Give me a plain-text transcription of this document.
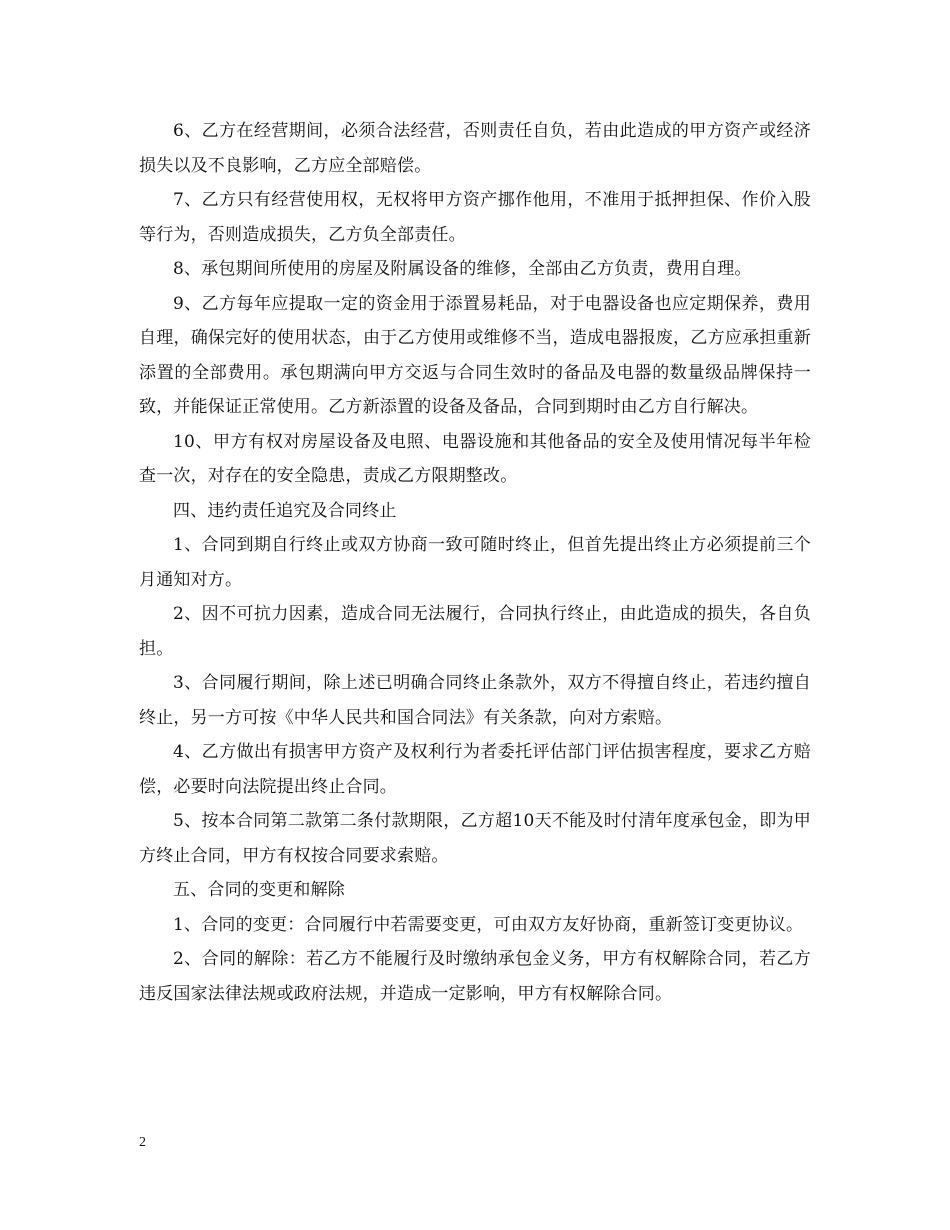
6、乙方在经营期间，必须合法经营，否则责任自负，若由此造成的甲方资产或经济损失以及不良影响，乙方应全部赔偿。

7、乙方只有经营使用权，无权将甲方资产挪作他用，不准用于抵押担保、作价入股等行为，否则造成损失，乙方负全部责任。

8、承包期间所使用的房屋及附属设备的维修，全部由乙方负责，费用自理。

9、乙方每年应提取一定的资金用于添置易耗品，对于电器设备也应定期保养，费用自理，确保完好的使用状态，由于乙方使用或维修不当，造成电器报废，乙方应承担重新添置的全部费用。承包期满向甲方交返与合同生效时的备品及电器的数量级品牌保持一致，并能保证正常使用。乙方新添置的设备及备品，合同到期时由乙方自行解决。

10、甲方有权对房屋设备及电照、电器设施和其他备品的安全及使用情况每半年检查一次，对存在的安全隐患，责成乙方限期整改。

四、违约责任追究及合同终止

1、合同到期自行终止或双方协商一致可随时终止，但首先提出终止方必须提前三个月通知对方。

2、因不可抗力因素，造成合同无法履行，合同执行终止，由此造成的损失，各自负担。

3、合同履行期间，除上述已明确合同终止条款外，双方不得擅自终止，若违约擅自终止，另一方可按《中华人民共和国合同法》有关条款，向对方索赔。

4、乙方做出有损害甲方资产及权利行为者委托评估部门评估损害程度，要求乙方赔偿，必要时向法院提出终止合同。

5、按本合同第二款第二条付款期限，乙方超10天不能及时付清年度承包金，即为甲方终止合同，甲方有权按合同要求索赔。

五、合同的变更和解除

1、合同的变更：合同履行中若需要变更，可由双方友好协商，重新签订变更协议。

2、合同的解除：若乙方不能履行及时缴纳承包金义务，甲方有权解除合同，若乙方违反国家法律法规或政府法规，并造成一定影响，甲方有权解除合同。

2
